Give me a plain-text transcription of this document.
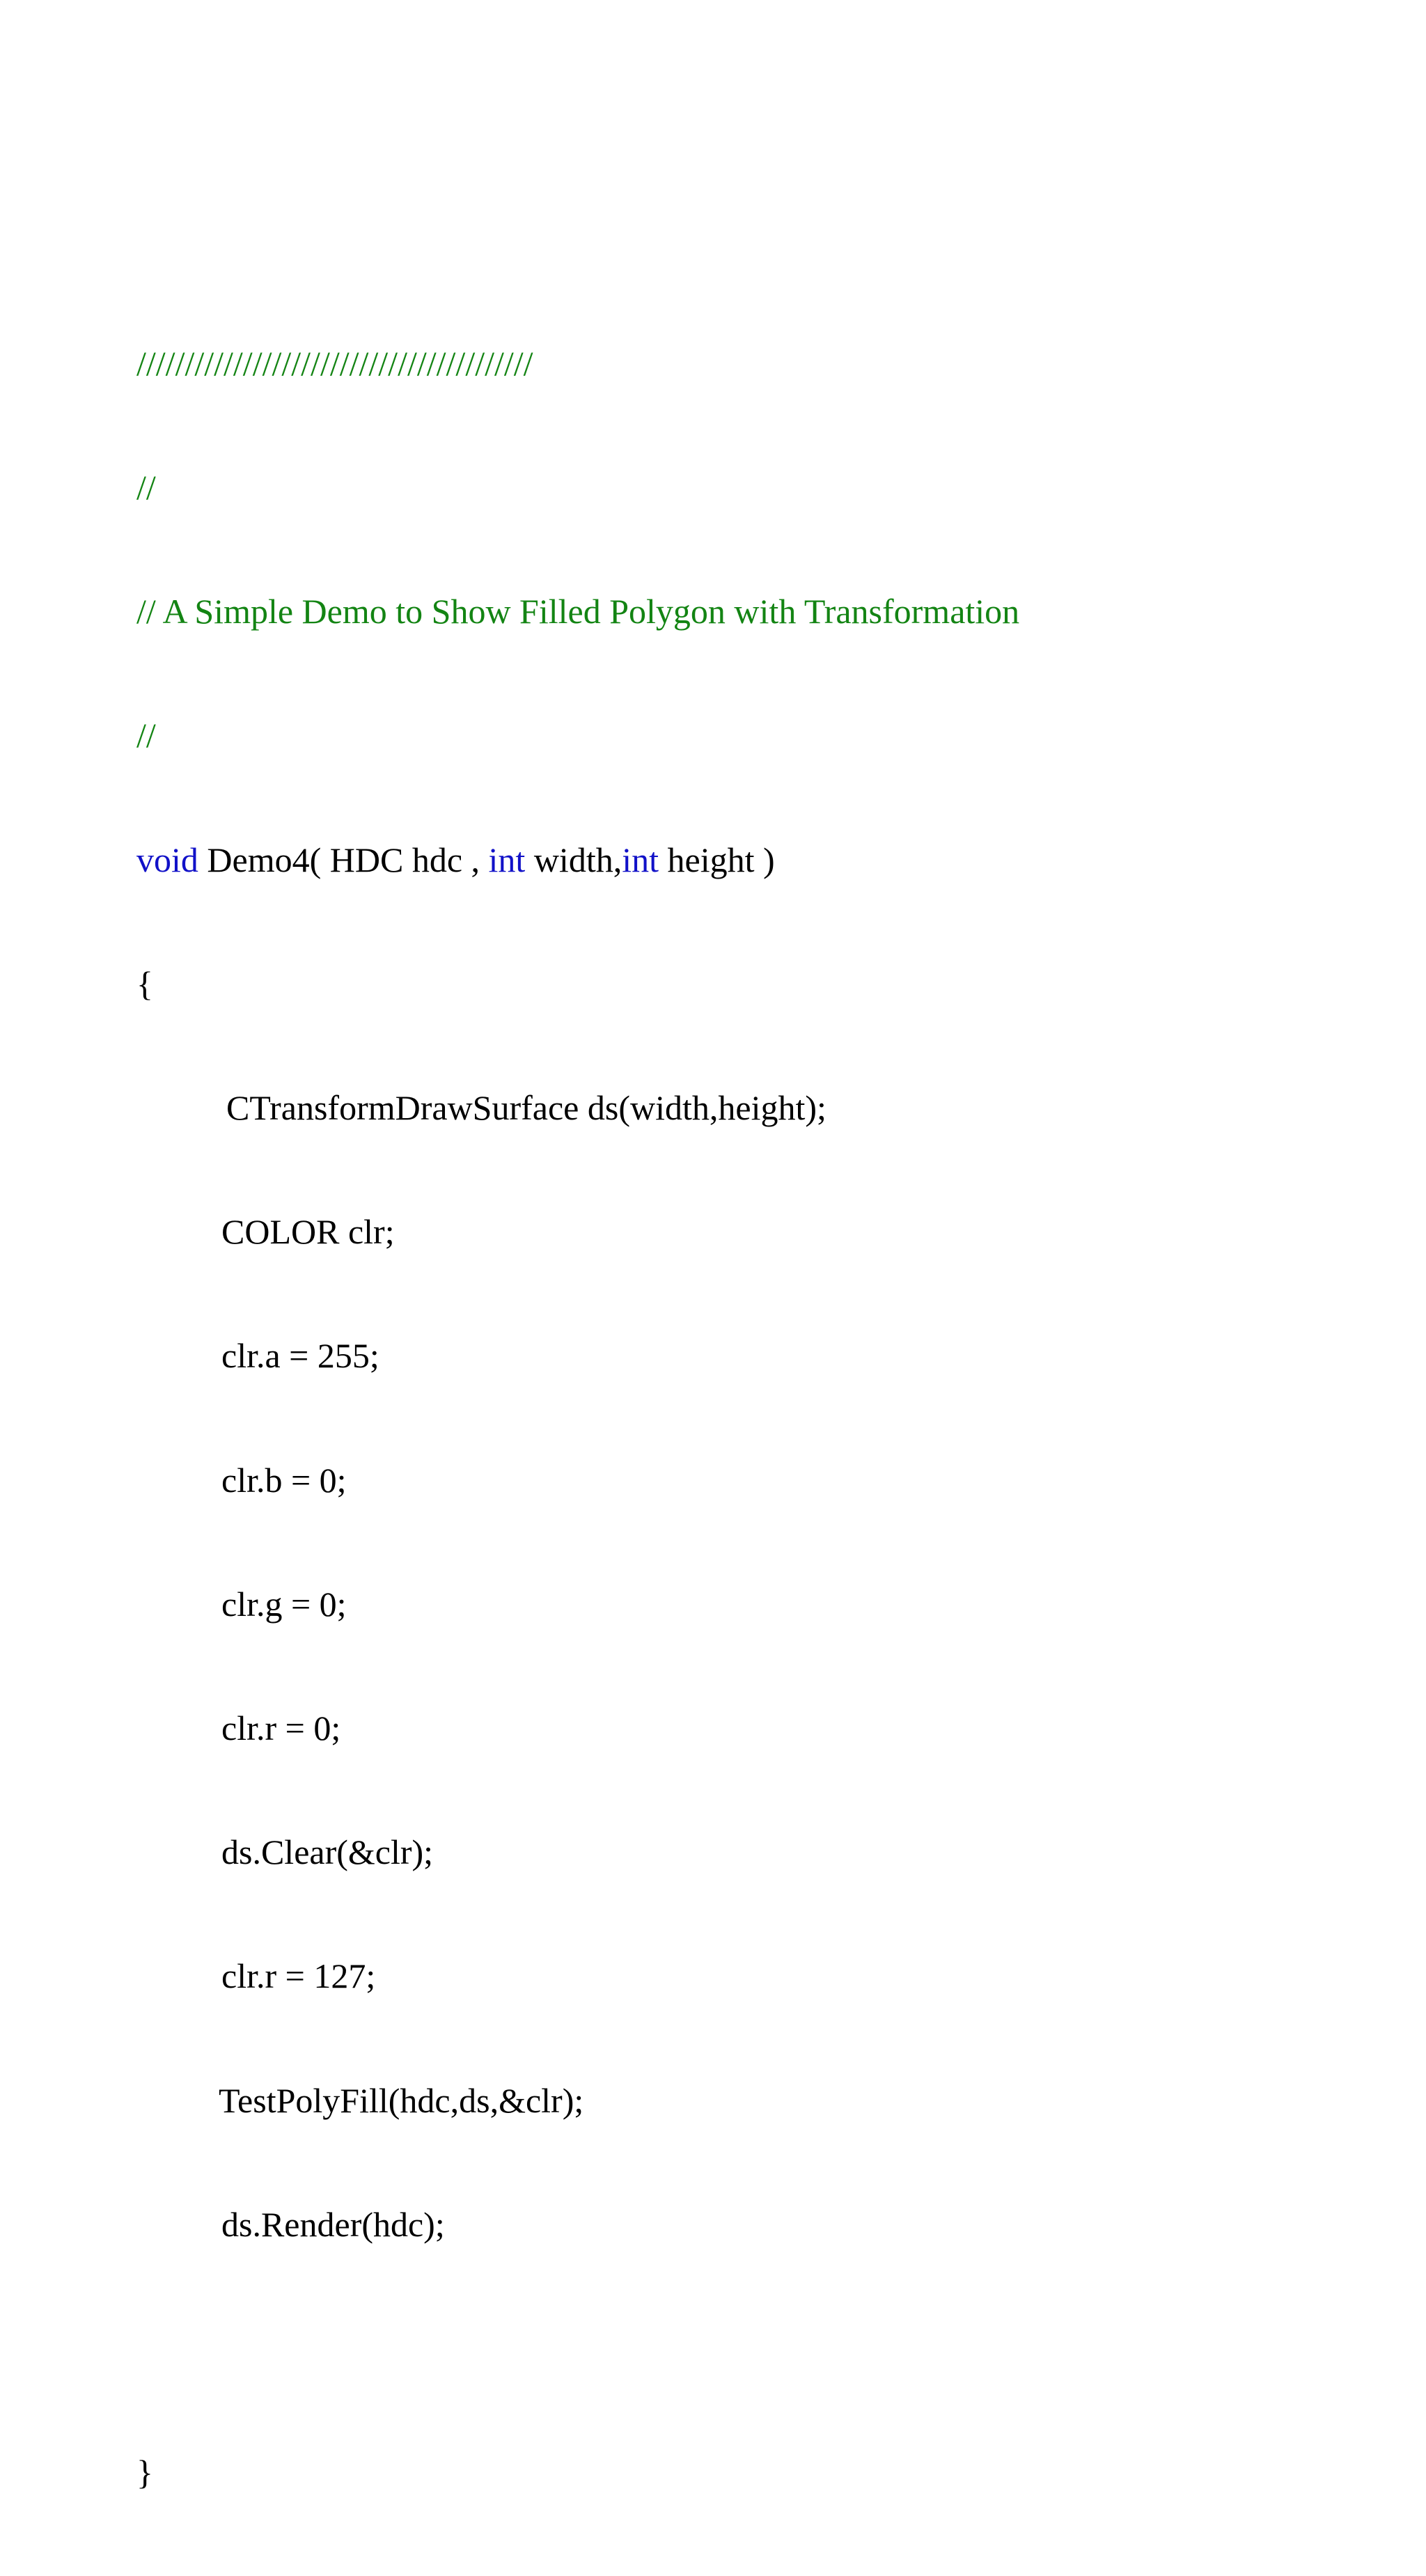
/////////////////////////////////////////

//

// A Simple Demo to Show Filled Polygon with Transformation

//

void Demo4( HDC hdc , int width,int height )

{

CTransformDrawSurface ds(width,height);

COLOR clr;

clr.a = 255;

clr.b = 0;

clr.g = 0;

clr.r = 0;

ds.Clear(&clr);

clr.r = 127;

TestPolyFill(hdc,ds,&clr);

ds.Render(hdc);

}
